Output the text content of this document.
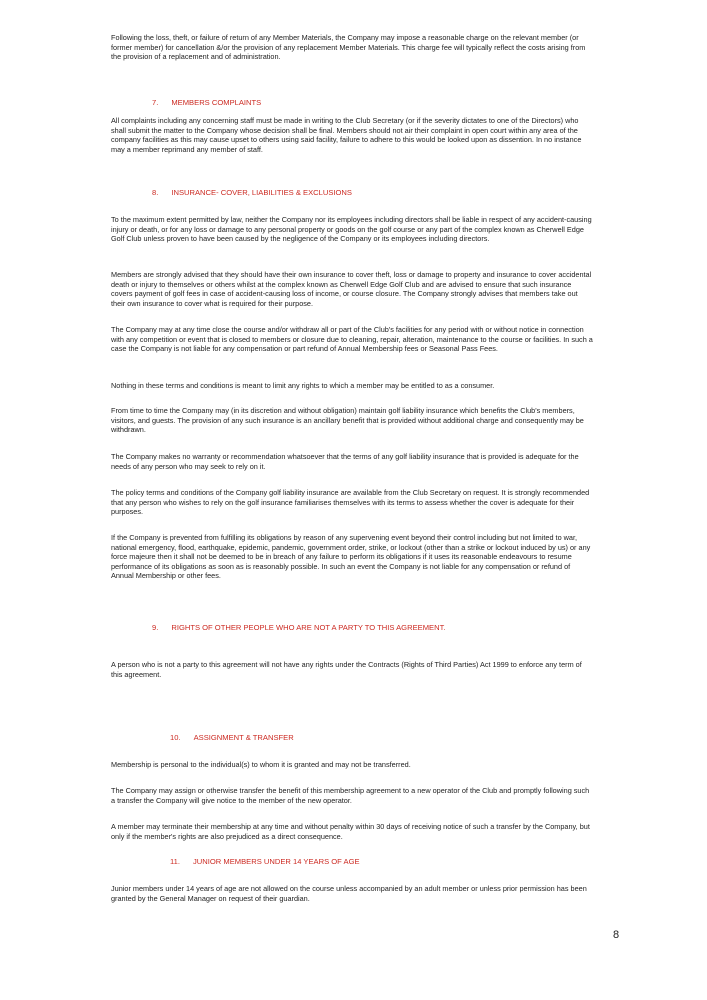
Following the loss, theft, or failure of return of any Member Materials, the Company may impose a reasonable charge on the relevant member (or former member) for cancellation &/or the provision of any replacement Member Materials. This charge fee will typically reflect the costs arising from the provision of a replacement and of administration.

7. MEMBERS COMPLAINTS

All complaints including any concerning staff must be made in writing to the Club Secretary (or if the severity dictates to one of the Directors) who shall submit the matter to the Company whose decision shall be final. Members should not air their complaint in open court within any area of the company facilities as this may cause upset to others using said facility, failure to adhere to this would be looked upon as dissention. In no instance may a member reprimand any member of staff.

8. INSURANCE- COVER, LIABILITIES & EXCLUSIONS

To the maximum extent permitted by law, neither the Company nor its employees including directors shall be liable in respect of any accident-causing injury or death, or for any loss or damage to any personal property or goods on the golf course or any part of the complex known as Cherwell Edge Golf Club unless proven to have been caused by the negligence of the Company or its employees including directors.

Members are strongly advised that they should have their own insurance to cover theft, loss or damage to property and insurance to cover accidental death or injury to themselves or others whilst at the complex known as Cherwell Edge Golf Club and are advised to ensure that such insurance covers payment of golf fees in case of accident-causing loss of income, or course closure. The Company strongly advises that members take out their own insurance to cover what is required for their purpose.

The Company may at any time close the course and/or withdraw all or part of the Club's facilities for any period with or without notice in connection with any competition or event that is closed to members or closure due to cleaning, repair, alteration, maintenance to the course or facilities. In such a case the Company is not liable for any compensation or part refund of Annual Membership fees or Seasonal Pass Fees.

Nothing in these terms and conditions is meant to limit any rights to which a member may be entitled to as a consumer.

From time to time the Company may (in its discretion and without obligation) maintain golf liability insurance which benefits the Club's members, visitors, and guests. The provision of any such insurance is an ancillary benefit that is provided without additional charge and consequently may be withdrawn.

The Company makes no warranty or recommendation whatsoever that the terms of any golf liability insurance that is provided is adequate for the needs of any person who may seek to rely on it.

The policy terms and conditions of the Company golf liability insurance are available from the Club Secretary on request. It is strongly recommended that any person who wishes to rely on the golf insurance familiarises themselves with its terms to assess whether the cover is adequate for their purposes.

If the Company is prevented from fulfilling its obligations by reason of any supervening event beyond their control including but not limited to war, national emergency, flood, earthquake, epidemic, pandemic, government order, strike, or lockout (other than a strike or lockout induced by us) or any force majeure then it shall not be deemed to be in breach of any failure to perform its obligations if it uses its reasonable endeavours to resume performance of its obligations as soon as is reasonably possible. In such an event the Company is not liable for any compensation or refund of Annual Membership or other fees.

9. RIGHTS OF OTHER PEOPLE WHO ARE NOT A PARTY TO THIS AGREEMENT.

A person who is not a party to this agreement will not have any rights under the Contracts (Rights of Third Parties) Act 1999 to enforce any term of this agreement.

10. ASSIGNMENT & TRANSFER

Membership is personal to the individual(s) to whom it is granted and may not be transferred.

The Company may assign or otherwise transfer the benefit of this membership agreement to a new operator of the Club and promptly following such a transfer the Company will give notice to the member of the new operator.

A member may terminate their membership at any time and without penalty within 30 days of receiving notice of such a transfer by the Company, but only if the member's rights are also prejudiced as a direct consequence.

11. JUNIOR MEMBERS UNDER 14 YEARS OF AGE

Junior members under 14 years of age are not allowed on the course unless accompanied by an adult member or unless prior permission has been granted by the General Manager on request of their guardian.

8
